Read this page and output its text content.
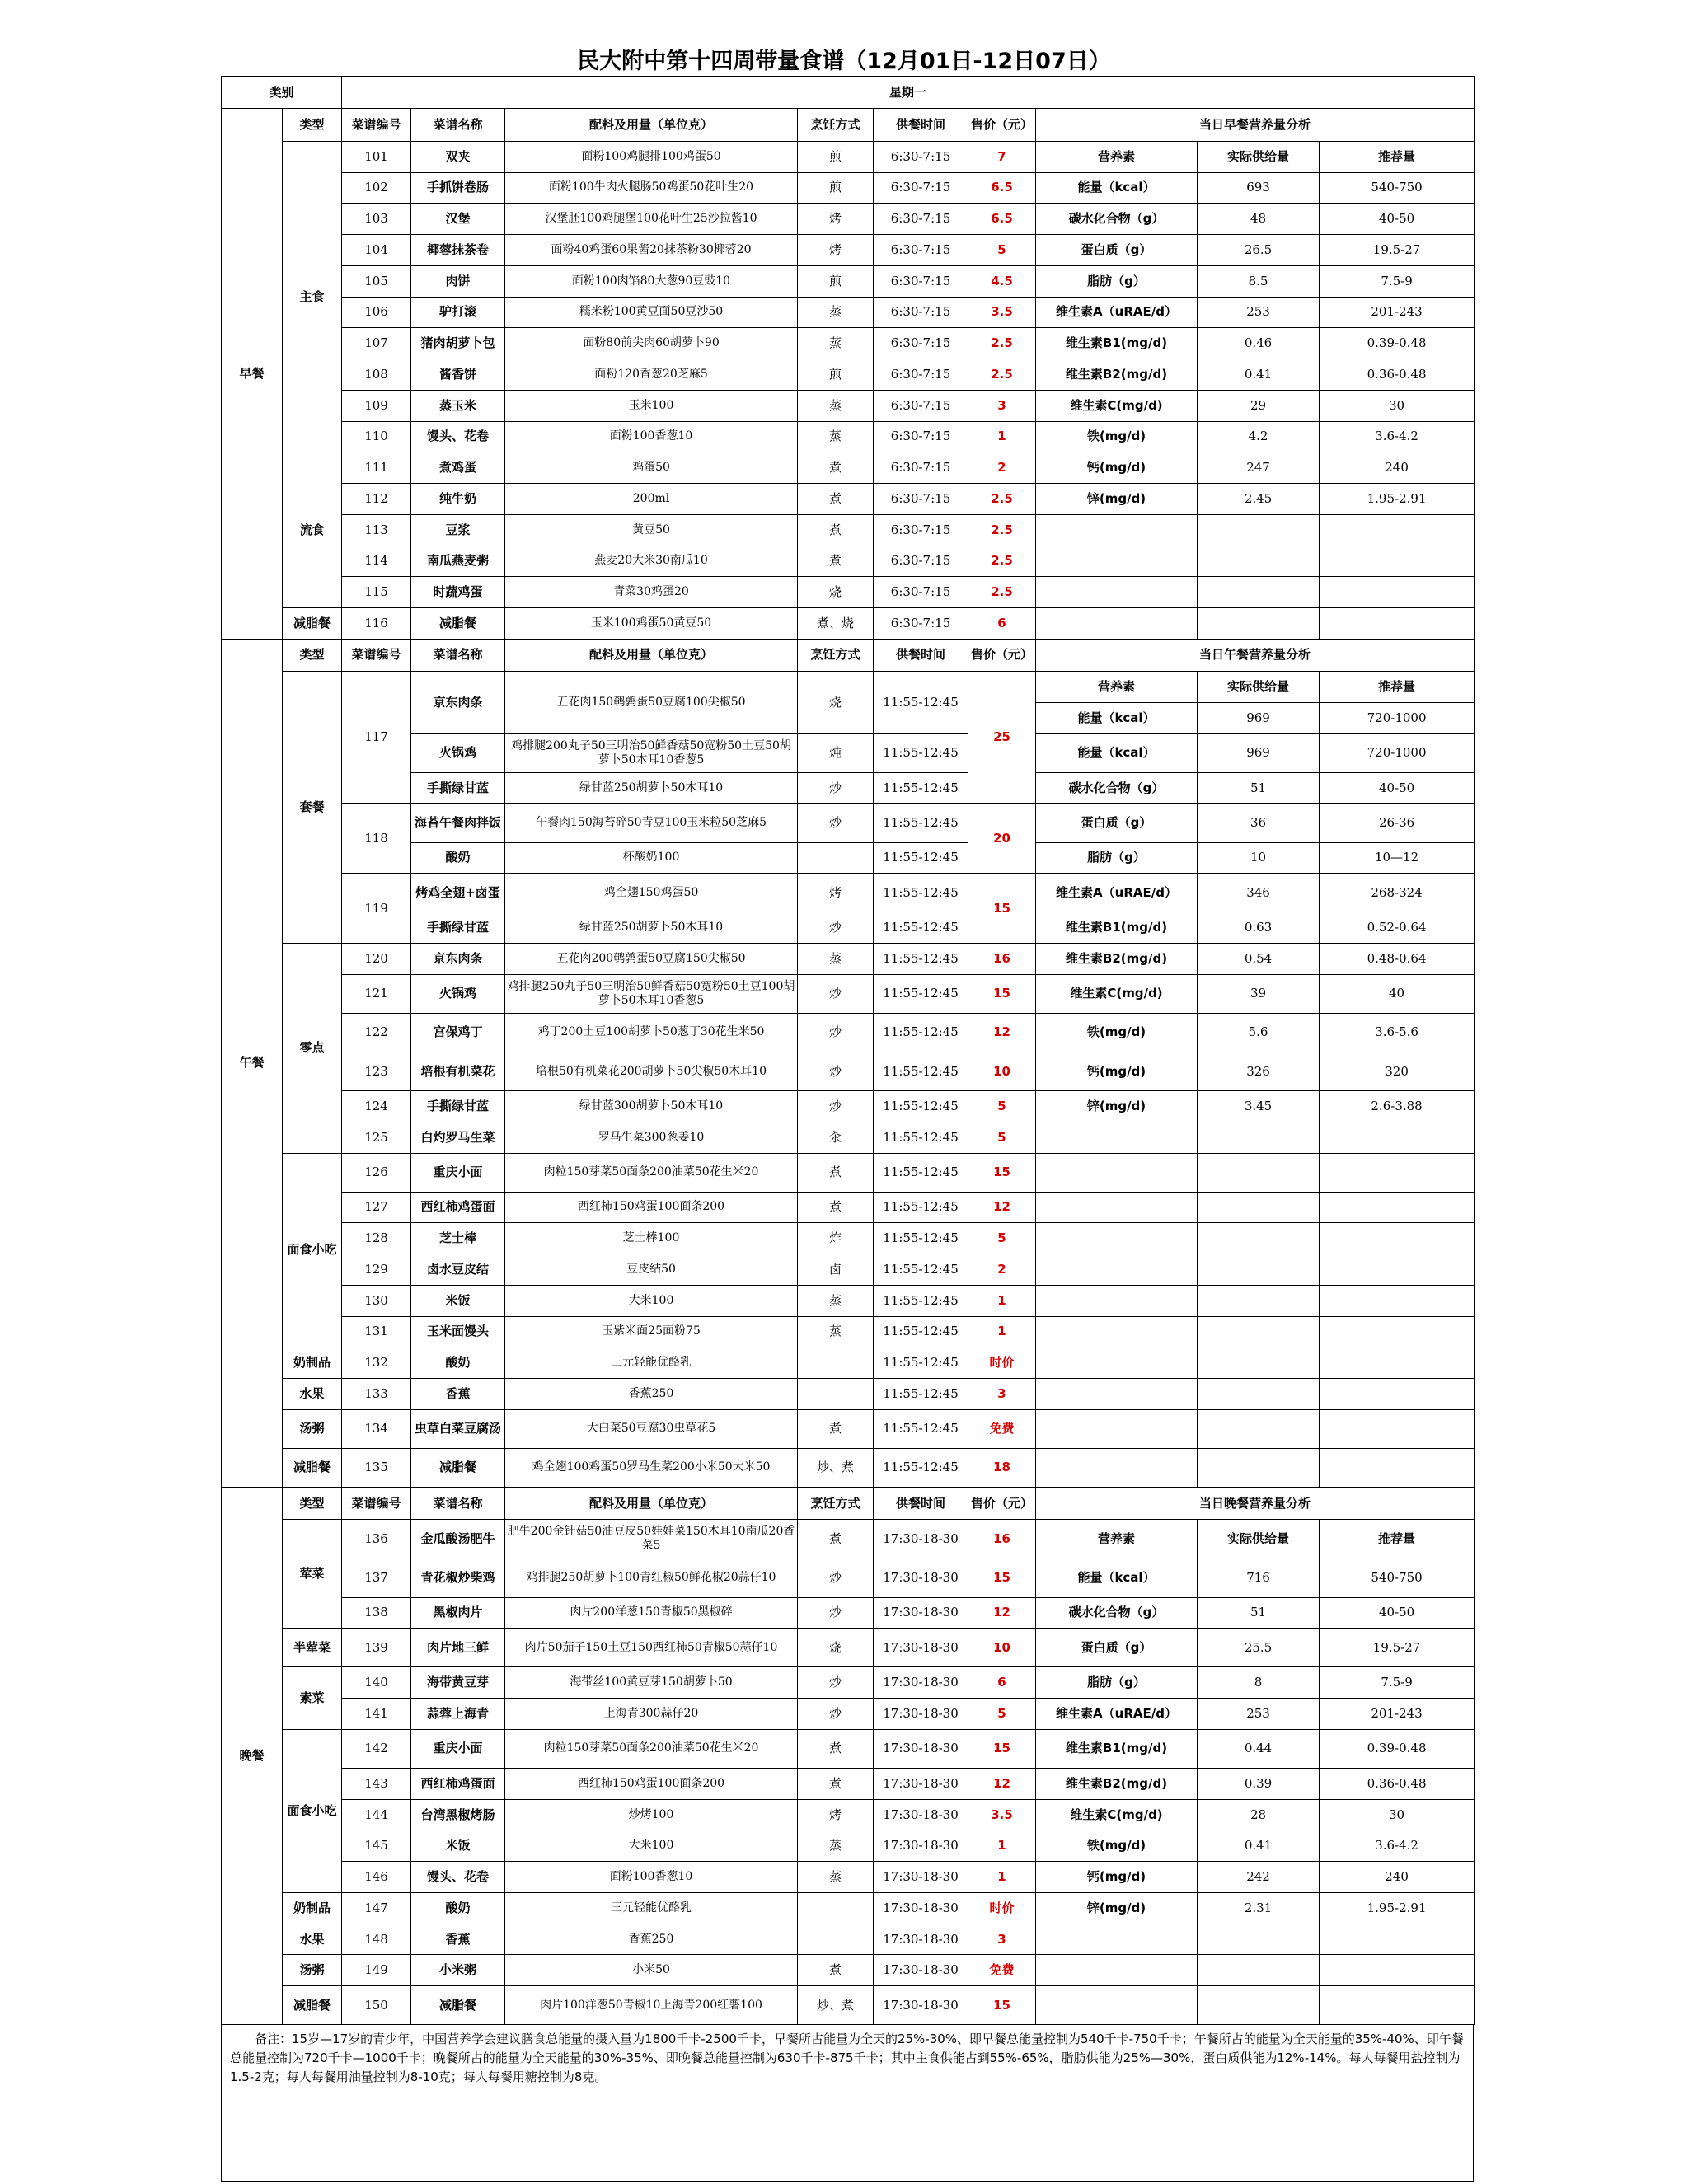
民大附中第十四周带量食谱（12月01日-12日07日）
类别		星期一								
早餐	类型	菜谱编号	菜谱名称	配料及用量（单位克）	烹饪方式	供餐时间	售价（元）	当日早餐营养量分析		
	主食	101	双夹	面粉100鸡腿排100鸡蛋50	煎	6:30-7:15	7	营养素	实际供给量	推荐量
		102	手抓饼卷肠	面粉100牛肉火腿肠50鸡蛋50花叶生20	煎	6:30-7:15	6.5	能量（kcal）	693	540-750
		103	汉堡	汉堡胚100鸡腿堡100花叶生25沙拉酱10	烤	6:30-7:15	6.5	碳水化合物（g）	48	40-50
		104	椰蓉抹茶卷	面粉40鸡蛋60果酱20抹茶粉30椰蓉20	烤	6:30-7:15	5	蛋白质（g）	26.5	19.5-27
		105	肉饼	面粉100肉馅80大葱90豆豉10	煎	6:30-7:15	4.5	脂肪（g）	8.5	7.5-9
		106	驴打滚	糯米粉100黄豆面50豆沙50	蒸	6:30-7:15	3.5	维生素A（uRAE/d）	253	201-243
		107	猪肉胡萝卜包	面粉80前尖肉60胡萝卜90	蒸	6:30-7:15	2.5	维生素B1(mg/d)	0.46	0.39-0.48
		108	酱香饼	面粉120香葱20芝麻5	煎	6:30-7:15	2.5	维生素B2(mg/d)	0.41	0.36-0.48
		109	蒸玉米	玉米100	蒸	6:30-7:15	3	维生素C(mg/d)	29	30
		110	馒头、花卷	面粉100香葱10	蒸	6:30-7:15	1	铁(mg/d)	4.2	3.6-4.2
	流食	111	煮鸡蛋	鸡蛋50	煮	6:30-7:15	2	钙(mg/d)	247	240
		112	纯牛奶	200ml	煮	6:30-7:15	2.5	锌(mg/d)	2.45	1.95-2.91
		113	豆浆	黄豆50	煮	6:30-7:15	2.5			
		114	南瓜燕麦粥	燕麦20大米30南瓜10	煮	6:30-7:15	2.5			
		115	时蔬鸡蛋	青菜30鸡蛋20	烧	6:30-7:15	2.5			
	减脂餐	116	减脂餐	玉米100鸡蛋50黄豆50	煮、烧	6:30-7:15	6			
午餐	类型	菜谱编号	菜谱名称	配料及用量（单位克）	烹饪方式	供餐时间	售价（元）	当日午餐营养量分析		
	套餐	117	京东肉条	五花肉150鹌鹑蛋50豆腐100尖椒50	烧	11:55-12:45	25	营养素	实际供给量	推荐量
								能量（kcal）	969	720-1000
			火锅鸡	鸡排腿200丸子50三明治50鲜香菇50宽粉50土豆50胡萝卜50木耳10香葱5	炖	11:55-12:45		能量（kcal）	969	720-1000
			手撕绿甘蓝	绿甘蓝250胡萝卜50木耳10	炒	11:55-12:45		碳水化合物（g）	51	40-50
		118	海苔午餐肉拌饭	午餐肉150海苔碎50青豆100玉米粒50芝麻5	炒	11:55-12:45	20	蛋白质（g）	36	26-36
			酸奶	杯酸奶100		11:55-12:45		脂肪（g）	10	10—12
		119	烤鸡全翅+卤蛋	鸡全翅150鸡蛋50	烤	11:55-12:45	15	维生素A（uRAE/d）	346	268-324
			手撕绿甘蓝	绿甘蓝250胡萝卜50木耳10	炒	11:55-12:45		维生素B1(mg/d)	0.63	0.52-0.64
	零点	120	京东肉条	五花肉200鹌鹑蛋50豆腐150尖椒50	蒸	11:55-12:45	16	维生素B2(mg/d)	0.54	0.48-0.64
		121	火锅鸡	鸡排腿250丸子50三明治50鲜香菇50宽粉50土豆100胡萝卜50木耳10香葱5	炒	11:55-12:45	15	维生素C(mg/d)	39	40
		122	宫保鸡丁	鸡丁200土豆100胡萝卜50葱丁30花生米50	炒	11:55-12:45	12	铁(mg/d)	5.6	3.6-5.6
		123	培根有机菜花	培根50有机菜花200胡萝卜50尖椒50木耳10	炒	11:55-12:45	10	钙(mg/d)	326	320
		124	手撕绿甘蓝	绿甘蓝300胡萝卜50木耳10	炒	11:55-12:45	5	锌(mg/d)	3.45	2.6-3.88
		125	白灼罗马生菜	罗马生菜300葱姜10	汆	11:55-12:45	5			
	面食小吃	126	重庆小面	肉粒150芽菜50面条200油菜50花生米20	煮	11:55-12:45	15			
		127	西红柿鸡蛋面	西红柿150鸡蛋100面条200	煮	11:55-12:45	12			
		128	芝士棒	芝士棒100	炸	11:55-12:45	5			
		129	卤水豆皮结	豆皮结50	卤	11:55-12:45	2			
		130	米饭	大米100	蒸	11:55-12:45	1			
		131	玉米面馒头	玉紫米面25面粉75	蒸	11:55-12:45	1			
	奶制品	132	酸奶	三元轻能优酪乳		11:55-12:45	时价			
	水果	133	香蕉	香蕉250		11:55-12:45	3			
	汤粥	134	虫草白菜豆腐汤	大白菜50豆腐30虫草花5	煮	11:55-12:45	免费			
	减脂餐	135	减脂餐	鸡全翅100鸡蛋50罗马生菜200小米50大米50	炒、煮	11:55-12:45	18			
晚餐	类型	菜谱编号	菜谱名称	配料及用量（单位克）	烹饪方式	供餐时间	售价（元）	当日晚餐营养量分析		
	荤菜	136	金瓜酸汤肥牛	肥牛200金针菇50油豆皮50娃娃菜150木耳10南瓜20香菜5	煮	17:30-18-30	16	营养素	实际供给量	推荐量
		137	青花椒炒柴鸡	鸡排腿250胡萝卜100青红椒50鲜花椒20蒜仔10	炒	17:30-18-30	15	能量（kcal）	716	540-750
		138	黑椒肉片	肉片200洋葱150青椒50黑椒碎	炒	17:30-18-30	12	碳水化合物（g）	51	40-50
	半荤菜	139	肉片地三鲜	肉片50茄子150土豆150西红柿50青椒50蒜仔10	烧	17:30-18-30	10	蛋白质（g）	25.5	19.5-27
	素菜	140	海带黄豆芽	海带丝100黄豆芽150胡萝卜50	炒	17:30-18-30	6	脂肪（g）	8	7.5-9
		141	蒜蓉上海青	上海青300蒜仔20	炒	17:30-18-30	5	维生素A（uRAE/d）	253	201-243
	面食小吃	142	重庆小面	肉粒150芽菜50面条200油菜50花生米20	煮	17:30-18-30	15	维生素B1(mg/d)	0.44	0.39-0.48
		143	西红柿鸡蛋面	西红柿150鸡蛋100面条200	煮	17:30-18-30	12	维生素B2(mg/d)	0.39	0.36-0.48
		144	台湾黑椒烤肠	炒烤100	烤	17:30-18-30	3.5	维生素C(mg/d)	28	30
		145	米饭	大米100	蒸	17:30-18-30	1	铁(mg/d)	0.41	3.6-4.2
		146	馒头、花卷	面粉100香葱10	蒸	17:30-18-30	1	钙(mg/d)	242	240
	奶制品	147	酸奶	三元轻能优酪乳		17:30-18-30	时价	锌(mg/d)	2.31	1.95-2.91
	水果	148	香蕉	香蕉250		17:30-18-30	3			
	汤粥	149	小米粥	小米50	煮	17:30-18-30	免费			
	减脂餐	150	减脂餐	肉片100洋葱50青椒10上海青200红薯100	炒、煮	17:30-18-30	15			
备注：15岁—17岁的青少年，中国营养学会建议膳食总能量的摄入量为1800千卡-2500千卡，早餐所占能量为全天的25%-30%、即早餐总能量控制为540千卡-750千卡；午餐所占的能量为全天能量的35%-40%、即午餐总能量控制为720千卡—1000千卡；晚餐所占的能量为全天能量的30%-35%、即晚餐总能量控制为630千卡-875千卡；其中主食供能占到55%-65%，脂肪供能为25%—30%，蛋白质供能为12%-14%。每人每餐用盐控制为1.5-2克；每人每餐用油量控制为8-10克；每人每餐用糖控制为8克。
